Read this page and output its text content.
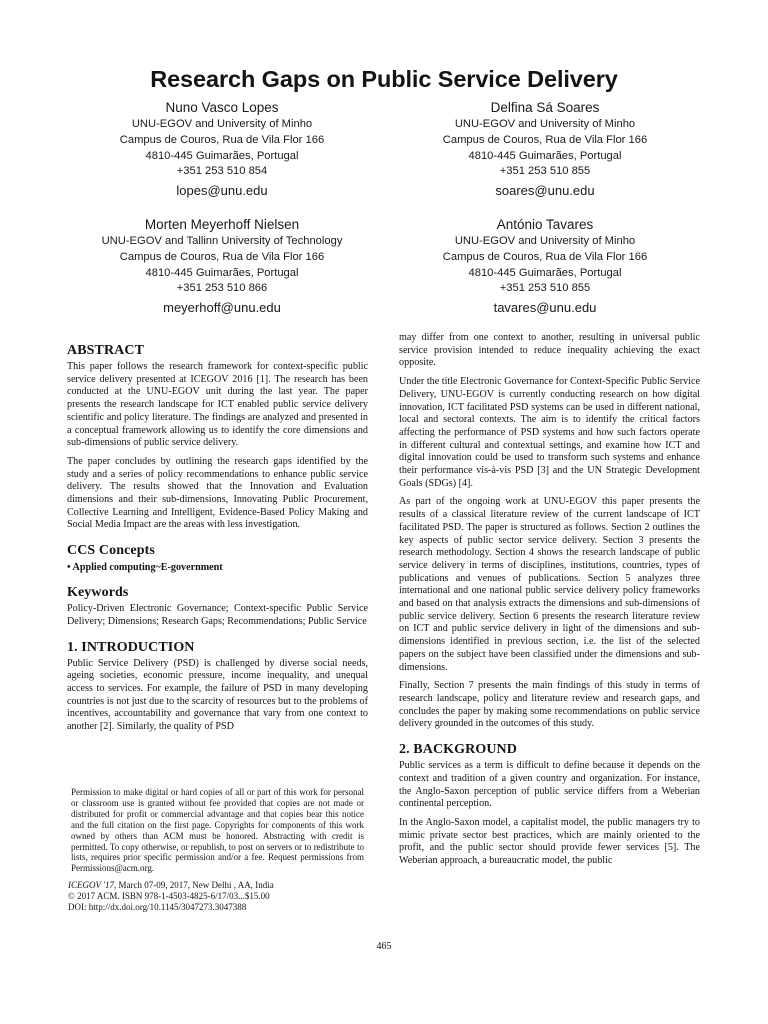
Research Gaps on Public Service Delivery
Nuno Vasco Lopes
UNU-EGOV and University of Minho
Campus de Couros, Rua de Vila Flor 166
4810-445 Guimarães, Portugal
+351 253 510 854
lopes@unu.edu
Delfina Sá Soares
UNU-EGOV and University of Minho
Campus de Couros, Rua de Vila Flor 166
4810-445 Guimarães, Portugal
+351 253 510 855
soares@unu.edu
Morten Meyerhoff Nielsen
UNU-EGOV and Tallinn University of Technology
Campus de Couros, Rua de Vila Flor 166
4810-445 Guimarães, Portugal
+351 253 510 866
meyerhoff@unu.edu
António Tavares
UNU-EGOV and University of Minho
Campus de Couros, Rua de Vila Flor 166
4810-445 Guimarães, Portugal
+351 253 510 855
tavares@unu.edu
ABSTRACT

This paper follows the research framework for context-specific public service delivery presented at ICEGOV 2016 [1]. The research has been conducted at the UNU-EGOV unit during the last year. The paper presents the research landscape for ICT enabled public service delivery scientific and policy literature. The findings are analyzed and presented in a conceptual framework allowing us to identify the core dimensions and sub-dimensions of public service delivery.

The paper concludes by outlining the research gaps identified by the study and a series of policy recommendations to enhance public service delivery. The results showed that the Innovation and Evaluation dimensions and their sub-dimensions, Innovating Public Procurement, Collective Learning and Intelligent, Evidence-Based Policy Making and Social Media Impact are the areas with less investigation.

CCS Concepts
• Applied computing~E-government
Keywords

Policy-Driven Electronic Governance; Context-specific Public Service Delivery; Dimensions; Research Gaps; Recommendations; Public Service

1. INTRODUCTION

Public Service Delivery (PSD) is challenged by diverse social needs, ageing societies, economic pressure, income inequality, and unequal access to services. For example, the failure of PSD in many developing countries is not just due to the scarcity of resources but to the problems of incentives, accountability and governance that vary from one context to another [2]. Similarly, the quality of PSD

Permission to make digital or hard copies of all or part of this work for personal or classroom use is granted without fee provided that copies are not made or distributed for profit or commercial advantage and that copies bear this notice and the full citation on the first page. Copyrights for components of this work owned by others than ACM must be honored. Abstracting with credit is permitted. To copy otherwise, or republish, to post on servers or to redistribute to lists, requires prior specific permission and/or a fee. Request permissions from Permissions@acm.org.

ICEGOV '17, March 07-09, 2017, New Delhi , AA, India
© 2017 ACM. ISBN 978-1-4503-4825-6/17/03...$15.00
DOI: http://dx.doi.org/10.1145/3047273.3047388

may differ from one context to another, resulting in universal public service provision intended to reduce inequality achieving the exact opposite.

Under the title Electronic Governance for Context-Specific Public Service Delivery, UNU-EGOV is currently conducting research on how digital innovation, ICT facilitated PSD systems can be used in different national, local and sectoral contexts. The aim is to identify the critical factors affecting the performance of PSD systems and how such factors operate in different cultural and contextual settings, and examine how ICT and digital innovation could be used to transform such systems and enhance their performance vis-à-vis PSD [3] and the UN Strategic Development Goals (SDGs) [4].

As part of the ongoing work at UNU-EGOV this paper presents the results of a classical literature review of the current landscape of ICT facilitated PSD. The paper is structured as follows. Section 2 outlines the key aspects of public sector service delivery. Section 3 presents the research methodology. Section 4 shows the research landscape of public service delivery in terms of disciplines, institutions, countries, types of publications and venues of publications. Section 5 analyzes three international and one national public service delivery policy frameworks and based on that analysis extracts the dimensions and sub-dimensions of public service delivery. Section 6 presents the research literature review on ICT and public service delivery in light of the dimensions and sub-dimensions identified in previous section, i.e. the list of the selected papers on the subject have been classified under the dimensions and sub-dimensions.

Finally, Section 7 presents the main findings of this study in terms of research landscape, policy and literature review and research gaps, and concludes the paper by making some recommendations on public service delivery grounded in the outcomes of this study.

2. BACKGROUND

Public services as a term is difficult to define because it depends on the context and tradition of a given country and organization. For instance, the Anglo-Saxon perception of public service differs from a Weberian continental perception.

In the Anglo-Saxon model, a capitalist model, the public managers try to mimic private sector best practices, which are mainly oriented to the profit, and the public sector should provide fewer services [5]. The Weberian approach, a bureaucratic model, the public

465
